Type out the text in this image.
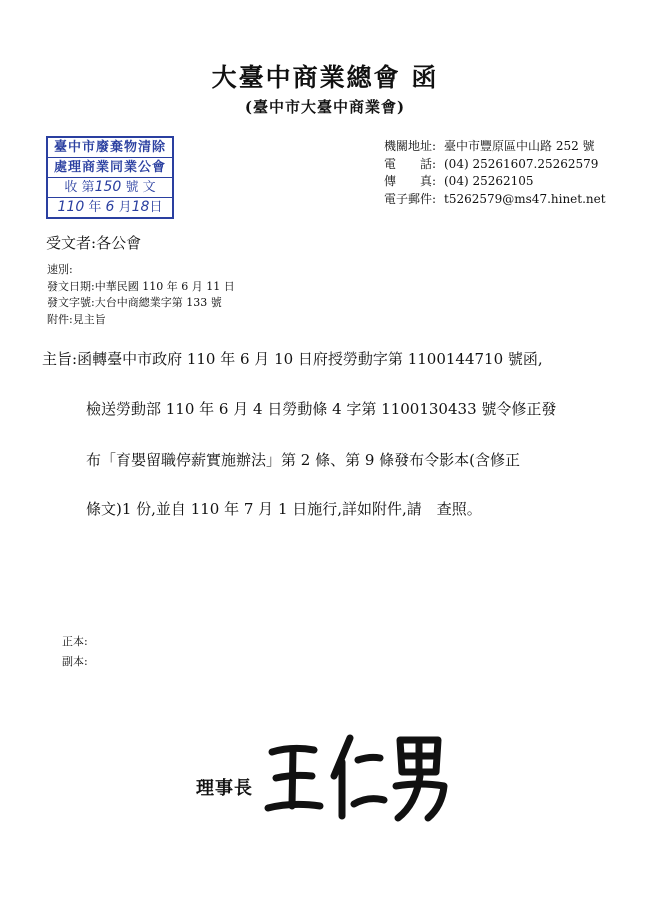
大臺中商業總會 函
(臺中市大臺中商業會)
臺中市廢棄物清除
處理商業同業公會
收 第150 號 文
110 年 6 月18日
機關地址: 臺中市豐原區中山路 252 號
電　　話: (04) 25261607.25262579
傳　　真: (04) 25262105
電子郵件: t5262579@ms47.hinet.net
受文者:各公會
速別:
發文日期:中華民國 110 年 6 月 11 日
發文字號:大台中商總業字第 133 號
附件:見主旨
主旨:函轉臺中市政府 110 年 6 月 10 日府授勞動字第 1100144710 號函,
檢送勞動部 110 年 6 月 4 日勞動條 4 字第 1100130433 號令修正發
布「育嬰留職停薪實施辦法」第 2 條、第 9 條發布令影本(含修正
條文)1 份,並自 110 年 7 月 1 日施行,詳如附件,請　查照。
正本:
副本:
理事長
